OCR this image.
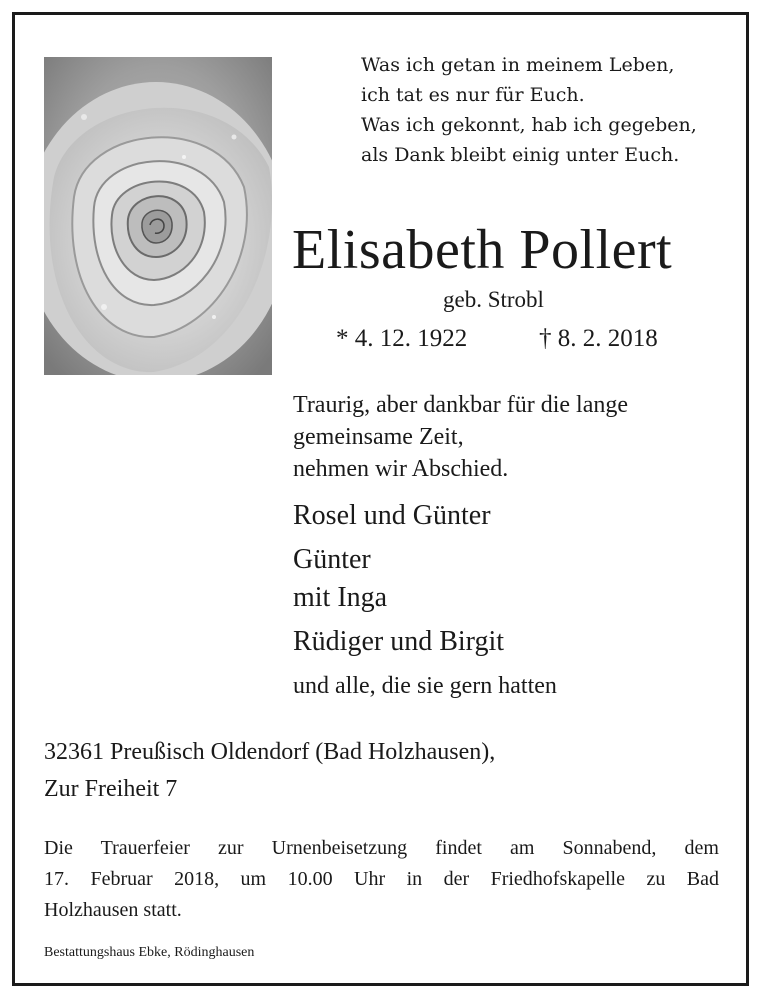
Was ich getan in meinem Leben,
ich tat es nur für Euch.
Was ich gekonnt, hab ich gegeben,
als Dank bleibt einig unter Euch.
Elisabeth Pollert
geb. Strobl
* 4. 12. 1922	† 8. 2. 2018
Traurig, aber dankbar für die lange
gemeinsame Zeit,
nehmen wir Abschied.
Rosel und Günter
Günter
mit Inga
Rüdiger und Birgit
und alle, die sie gern hatten
32361 Preußisch Oldendorf (Bad Holzhausen),
Zur Freiheit 7
Die Trauerfeier zur Urnenbeisetzung findet am Sonnabend, dem
17. Februar 2018, um 10.00 Uhr in der Friedhofskapelle zu Bad
Holzhausen statt.
Bestattungshaus Ebke, Rödinghausen
